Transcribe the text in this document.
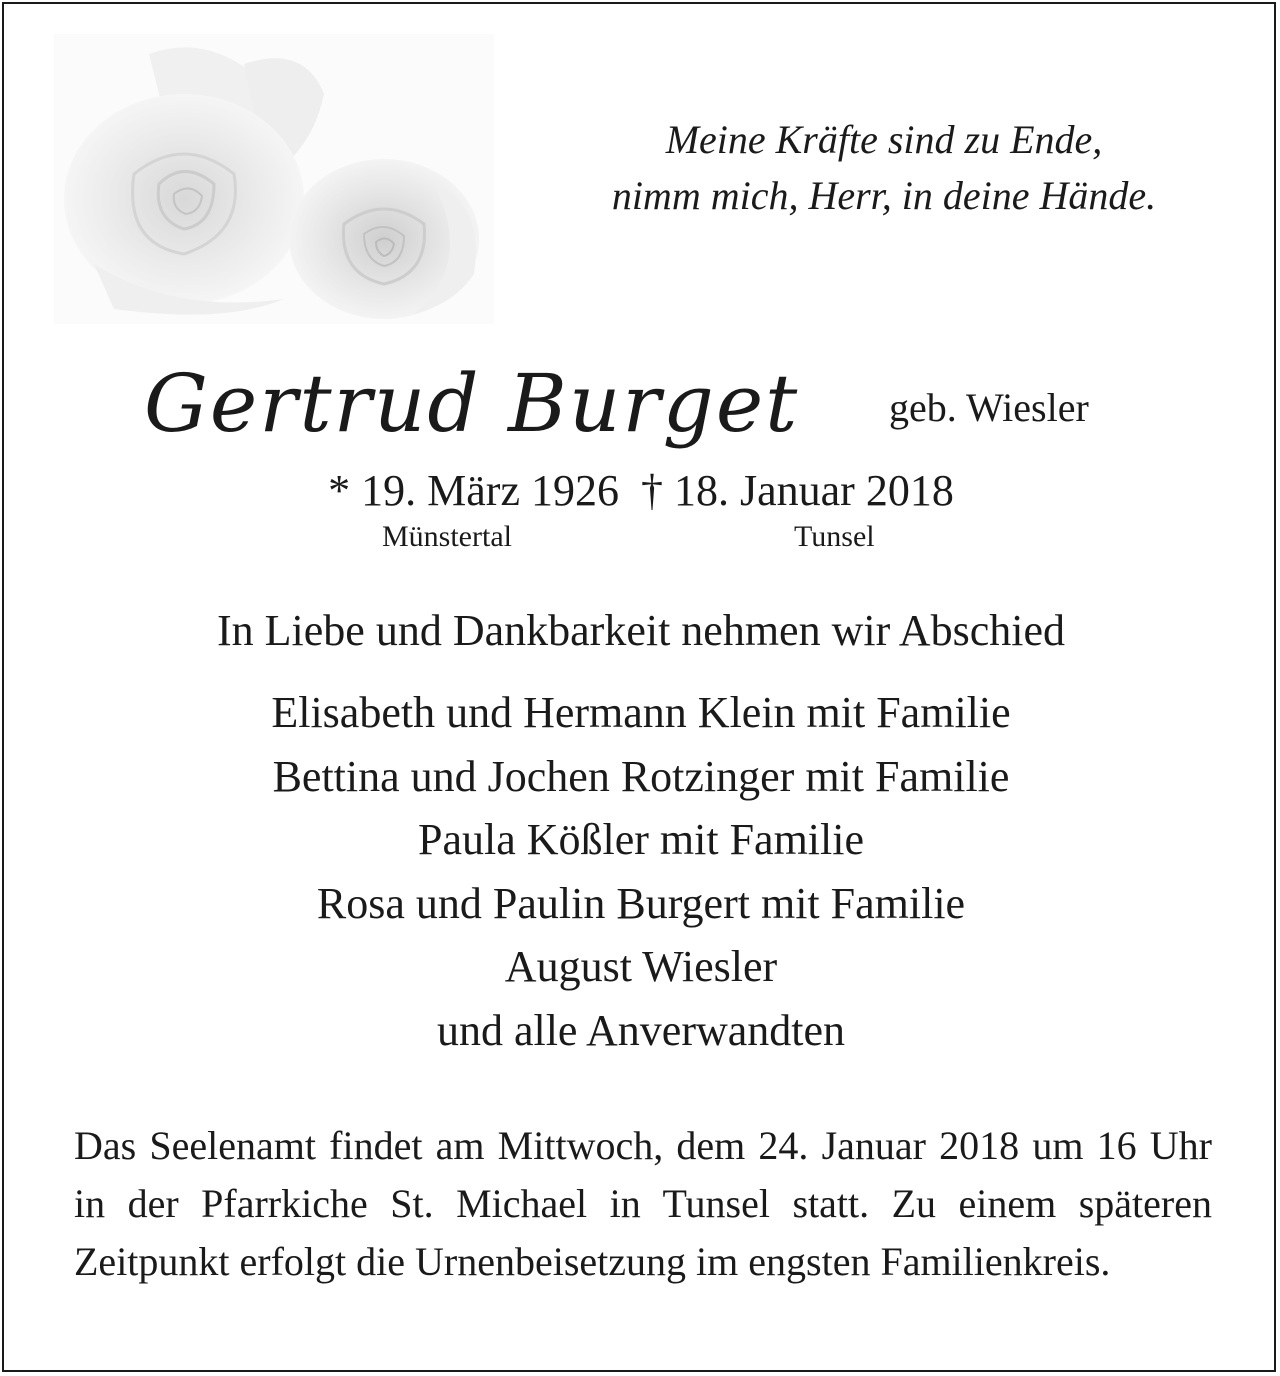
Meine Kräfte sind zu Ende,
nimm mich, Herr, in deine Hände.
Gertrud Burget geb. Wiesler
* 19. März 1926 † 18. Januar 2018
Münstertal	Tunsel
In Liebe und Dankbarkeit nehmen wir Abschied
Elisabeth und Hermann Klein mit Familie
Bettina und Jochen Rotzinger mit Familie
Paula Kößler mit Familie
Rosa und Paulin Burgert mit Familie
August Wiesler
und alle Anverwandten
Das Seelenamt findet am Mittwoch, dem 24. Januar 2018 um 16 Uhr in der Pfarrkiche St. Michael in Tunsel statt. Zu einem späteren Zeitpunkt erfolgt die Urnenbeisetzung im engsten Familienkreis.
